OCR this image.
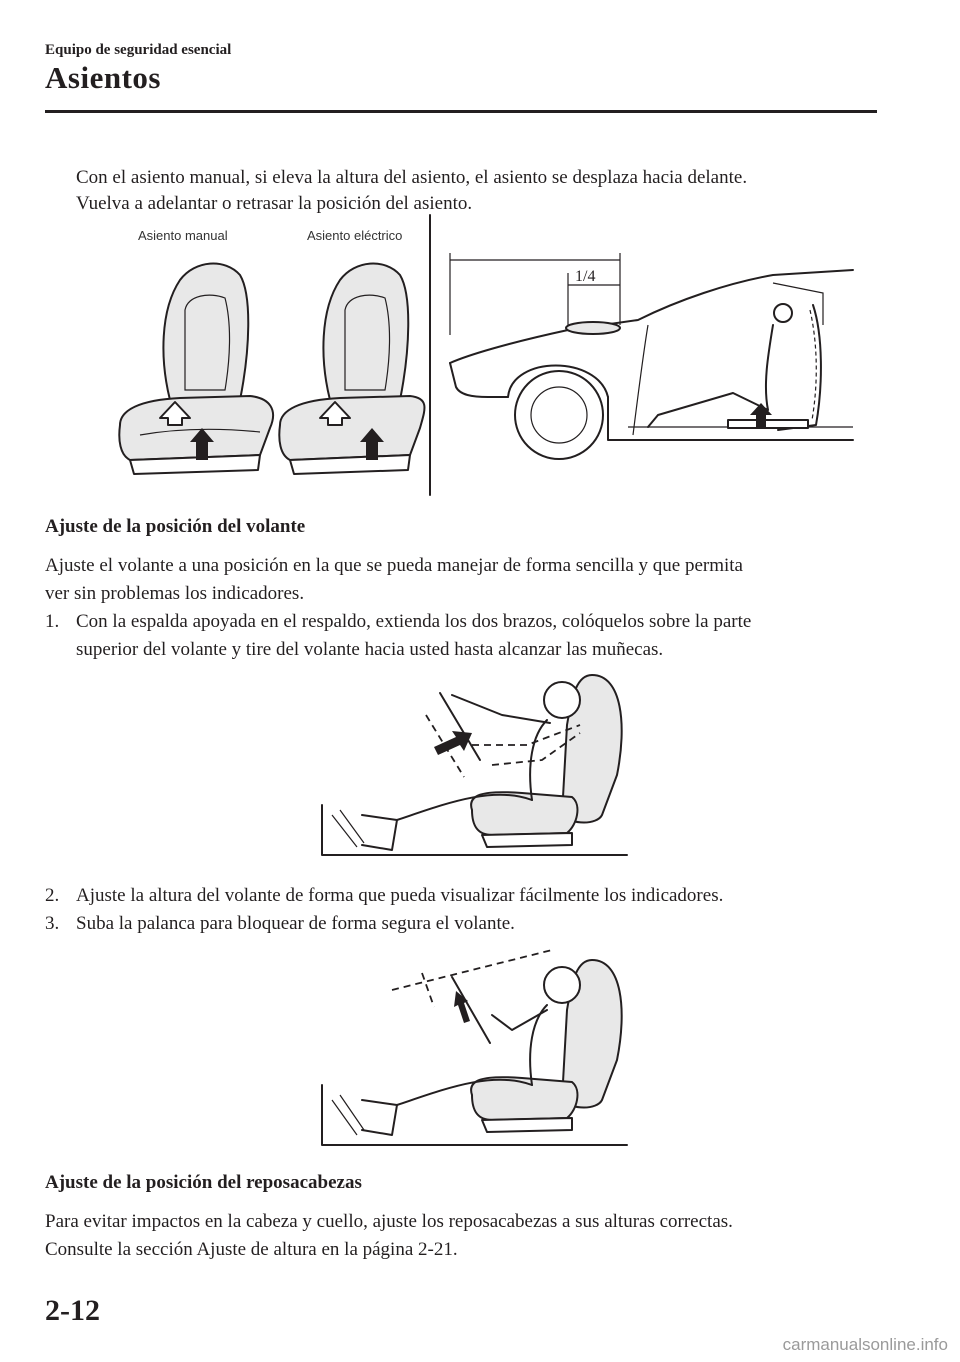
Equipo de seguridad esencial
Asientos
Con el asiento manual, si eleva la altura del asiento, el asiento se desplaza hacia delante.
Vuelva a adelantar o retrasar la posición del asiento.
Asiento manual	Asiento eléctrico
1/4
Ajuste de la posición del volante
Ajuste el volante a una posición en la que se pueda manejar de forma sencilla y que permita
ver sin problemas los indicadores.
1. Con la espalda apoyada en el respaldo, extienda los dos brazos, colóquelos sobre la parte
superior del volante y tire del volante hacia usted hasta alcanzar las muñecas.
2. Ajuste la altura del volante de forma que pueda visualizar fácilmente los indicadores.
3. Suba la palanca para bloquear de forma segura el volante.
Ajuste de la posición del reposacabezas
Para evitar impactos en la cabeza y cuello, ajuste los reposacabezas a sus alturas correctas.
Consulte la sección Ajuste de altura en la página 2-21.
2-12
carmanualsonline.info
